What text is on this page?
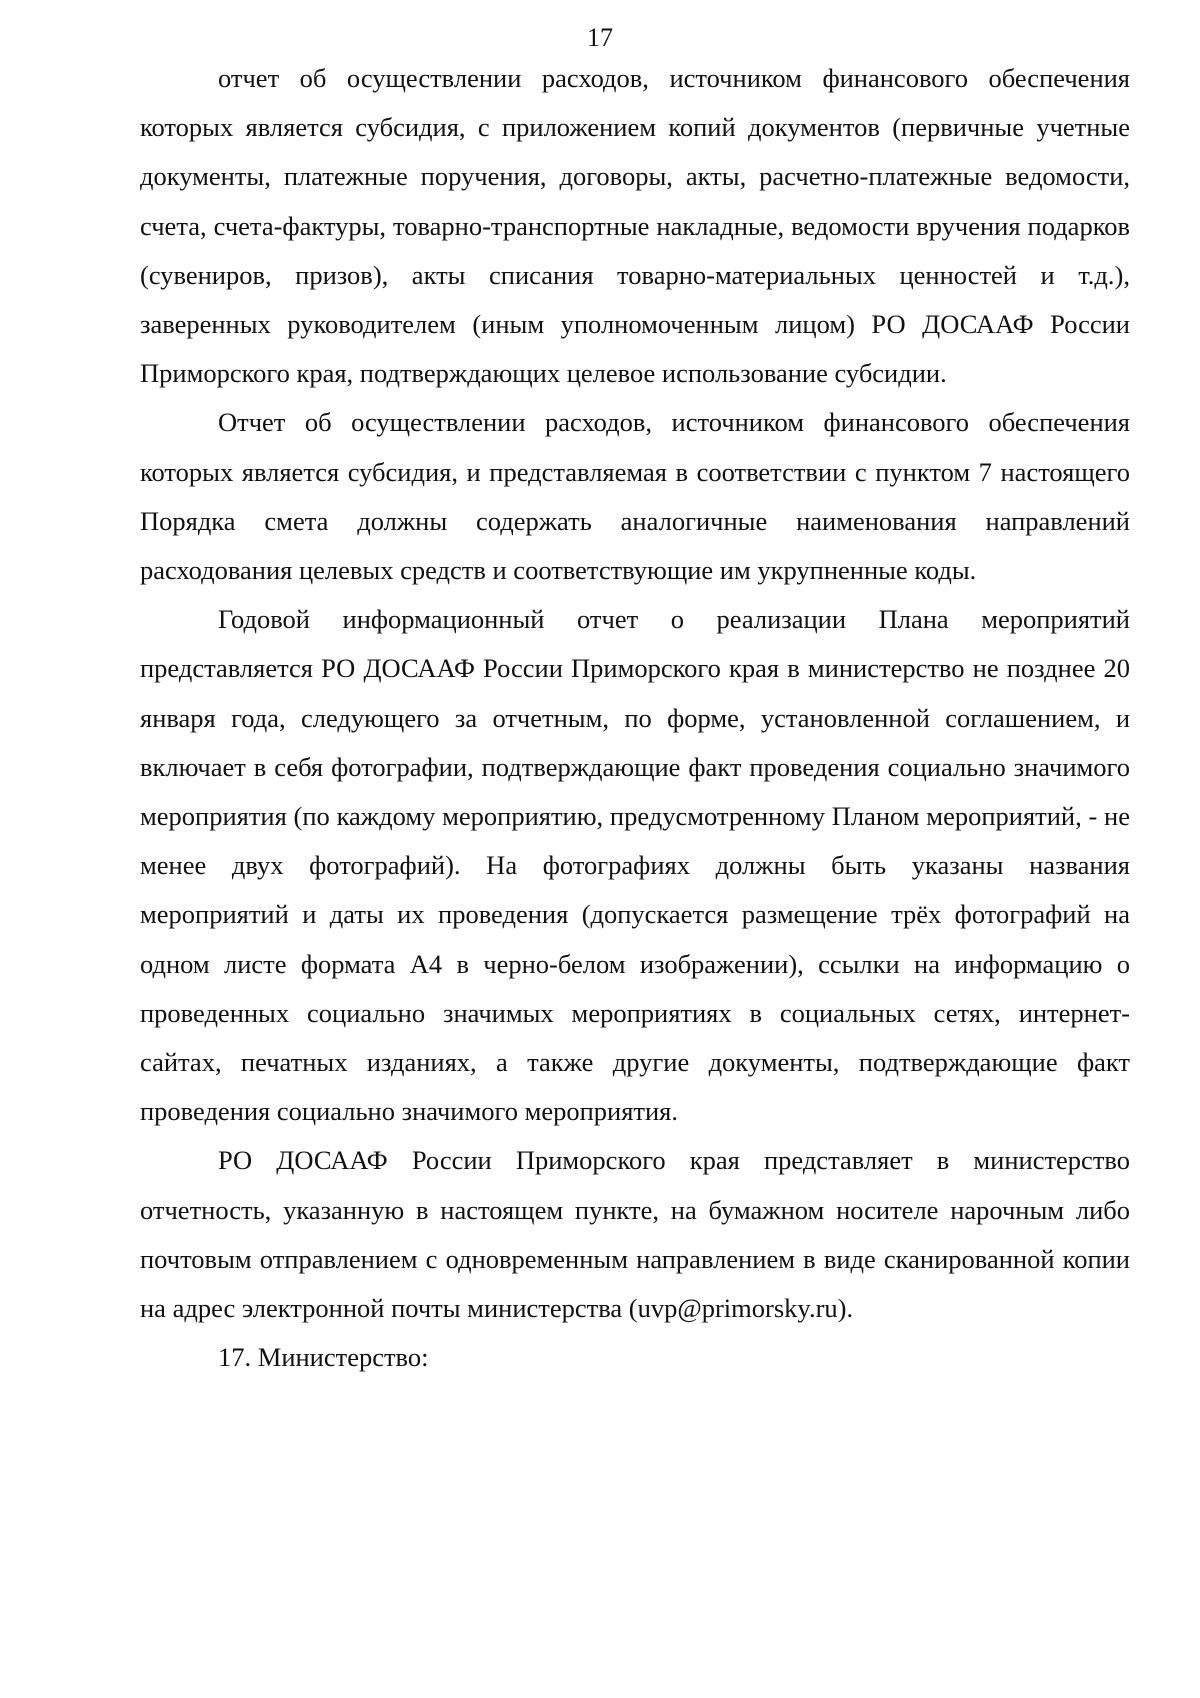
17

отчет об осуществлении расходов, источником финансового обеспечения которых является субсидия, с приложением копий документов (первичные учетные документы, платежные поручения, договоры, акты, расчетно-платежные ведомости, счета, счета-фактуры, товарно-транспортные накладные, ведомости вручения подарков (сувениров, призов), акты списания товарно-материальных ценностей и т.д.), заверенных руководителем (иным уполномоченным лицом) РО ДОСААФ России Приморского края, подтверждающих целевое использование субсидии.

Отчет об осуществлении расходов, источником финансового обеспечения которых является субсидия, и представляемая в соответствии с пунктом 7 настоящего Порядка смета должны содержать аналогичные наименования направлений расходования целевых средств и соответствующие им укрупненные коды.

Годовой информационный отчет о реализации Плана мероприятий представляется РО ДОСААФ России Приморского края в министерство не позднее 20 января года, следующего за отчетным, по форме, установленной соглашением, и включает в себя фотографии, подтверждающие факт проведения социально значимого мероприятия (по каждому мероприятию, предусмотренному Планом мероприятий, - не менее двух фотографий). На фотографиях должны быть указаны названия мероприятий и даты их проведения (допускается размещение трёх фотографий на одном листе формата А4 в черно-белом изображении), ссылки на информацию о проведенных социально значимых мероприятиях в социальных сетях, интернет-сайтах, печатных изданиях, а также другие документы, подтверждающие факт проведения социально значимого мероприятия.

РО ДОСААФ России Приморского края представляет в министерство отчетность, указанную в настоящем пункте, на бумажном носителе нарочным либо почтовым отправлением с одновременным направлением в виде сканированной копии на адрес электронной почты министерства (uvp@primorsky.ru).

17. Министерство:
